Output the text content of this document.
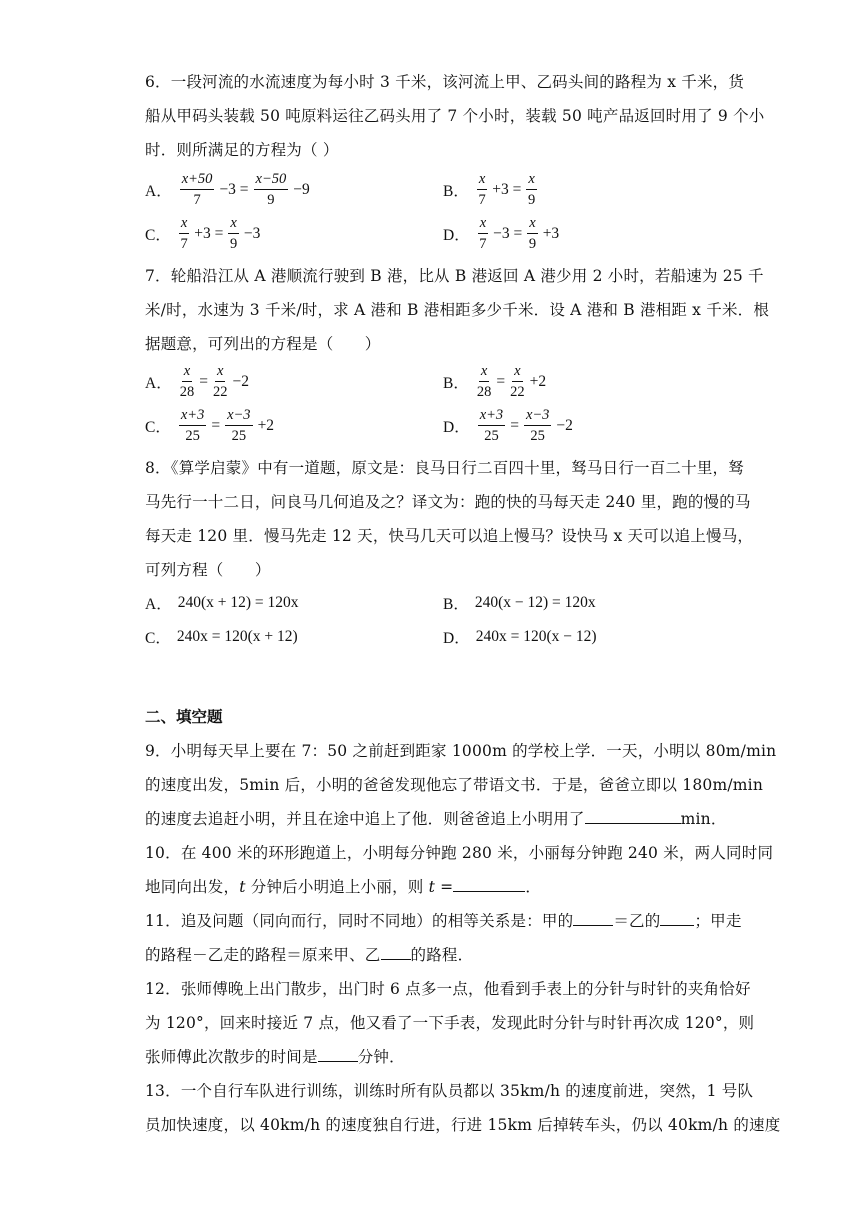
6．一段河流的水流速度为每小时 3 千米，该河流上甲、乙码头间的路程为 x 千米，货
船从甲码头装载 50 吨原料运往乙码头用了 7 个小时，装载 50 吨产品返回时用了 9 个小
时．则所满足的方程为（ ）
A． $\frac{x+50}{7} -3 = \frac{x-50}{9} -9$	B． $\frac{x}{7} +3 = \frac{x}{9}$
C． $\frac{x}{7} +3 = \frac{x}{9} -3$	D． $\frac{x}{7} -3 = \frac{x}{9} +3$
7．轮船沿江从 A 港顺流行驶到 B 港，比从 B 港返回 A 港少用 2 小时，若船速为 25 千
米/时，水速为 3 千米/时，求 A 港和 B 港相距多少千米．设 A 港和 B 港相距 x 千米．根
据题意，可列出的方程是（　　）
A． $\frac{x}{28} = \frac{x}{22} -2$	B． $\frac{x}{28} = \frac{x}{22} +2$
C． $\frac{x+3}{25} = \frac{x-3}{25} +2$	D． $\frac{x+3}{25} = \frac{x-3}{25} -2$
8．《算学启蒙》中有一道题，原文是：良马日行二百四十里，驽马日行一百二十里，驽
马先行一十二日，问良马几何追及之？译文为：跑的快的马每天走 240 里，跑的慢的马
每天走 120 里．慢马先走 12 天，快马几天可以追上慢马？设快马 x 天可以追上慢马，
可列方程（　　）
A． 240(x + 12) = 120x	B． 240(x − 12) = 120x
C． 240x = 120(x + 12)	D． 240x = 120(x − 12)
二、填空题
9．小明每天早上要在 7：50 之前赶到距家 1000m 的学校上学．一天，小明以 80m/min
的速度出发，5min 后，小明的爸爸发现他忘了带语文书．于是，爸爸立即以 180m/min
的速度去追赶小明，并且在途中追上了他．则爸爸追上小明用了	min．
10．在 400 米的环形跑道上，小明每分钟跑 280 米，小丽每分钟跑 240 米，两人同时同
地同向出发，t 分钟后小明追上小丽，则 t =	．
11．追及问题（同向而行，同时不同地）的相等关系是：甲的	＝乙的 ；甲走
的路程－乙走的路程＝原来甲、乙 的路程．
12．张师傅晚上出门散步，出门时 6 点多一点，他看到手表上的分针与时针的夹角恰好
为 120°，回来时接近 7 点，他又看了一下手表，发现此时分针与时针再次成 120°，则
张师傅此次散步的时间是	分钟．
13．一个自行车队进行训练，训练时所有队员都以 35km/h 的速度前进，突然，1 号队
员加快速度，以 40km/h 的速度独自行进，行进 15km 后掉转车头，仍以 40km/h 的速度
